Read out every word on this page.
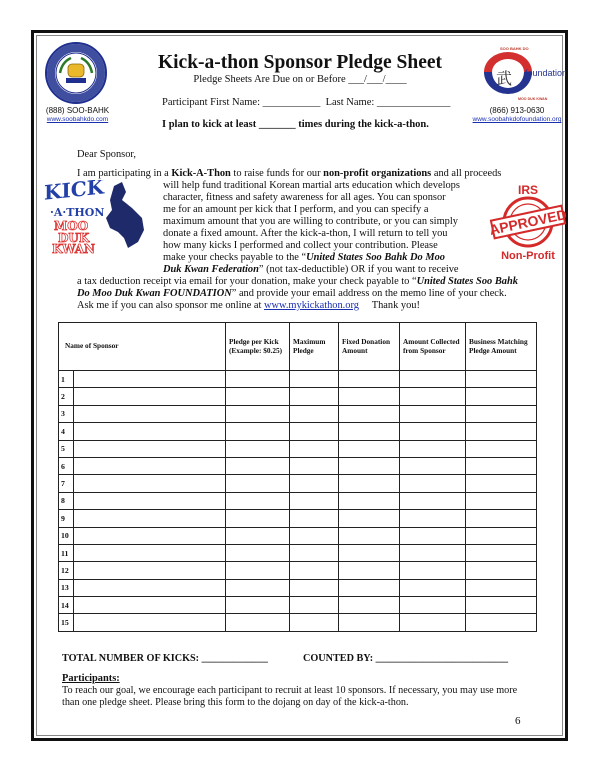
(888) SOO-BAHK
www.soobahkdo.com
Kick-a-thon Sponsor Pledge Sheet
Pledge Sheets Are Due on or Before ___/___/____
Participant First Name: ___________  Last Name: ______________
I plan to kick at least _______ times during the kick-a-thon.
SOO BAHK DO
武 foundation
MOO DUK KWAN
(866) 913-0630
www.soobahkdofoundation.org
Dear Sponsor,
I am participating in a Kick-A-Thon to raise funds for our non-profit organizations and all proceeds
will help fund traditional Korean martial arts education which develops
character, fitness and safety awareness for all ages. You can sponsor
me for an amount per kick that I perform, and you can specify a
maximum amount that you are willing to contribute, or you can simply
donate a fixed amount. After the kick-a-thon, I will return to tell you
how many kicks I performed and collect your contribution. Please
make your checks payable to the “United States Soo Bahk Do Moo
Duk Kwan Federation” (not tax-deductible) OR if you want to receive
a tax deduction receipt via email for your donation, make your check payable to “United States Soo Bahk
Do Moo Duk Kwan FOUNDATION” and provide your email address on the memo line of your check.
Ask me if you can also sponsor me online at www.mykickathon.org     Thank you!
KICK
·A·THON
MOO
DUK
KWAN
IRS
APPROVED
Non-Profit
Name of Sponsor		Pledge per Kick (Example: $0.25)	Maximum Pledge	Fixed Donation Amount	Amount Collected from Sponsor	Business Matching Pledge Amount
1						
2						
3						
4						
5						
6						
7						
8						
9						
10						
11						
12						
13						
14						
15						
TOTAL NUMBER OF KICKS: _____________	COUNTED BY: __________________________
Participants:
To reach our goal, we encourage each participant to recruit at least 10 sponsors. If necessary, you may use more
than one pledge sheet. Please bring this form to the dojang on day of the kick-a-thon.
6
